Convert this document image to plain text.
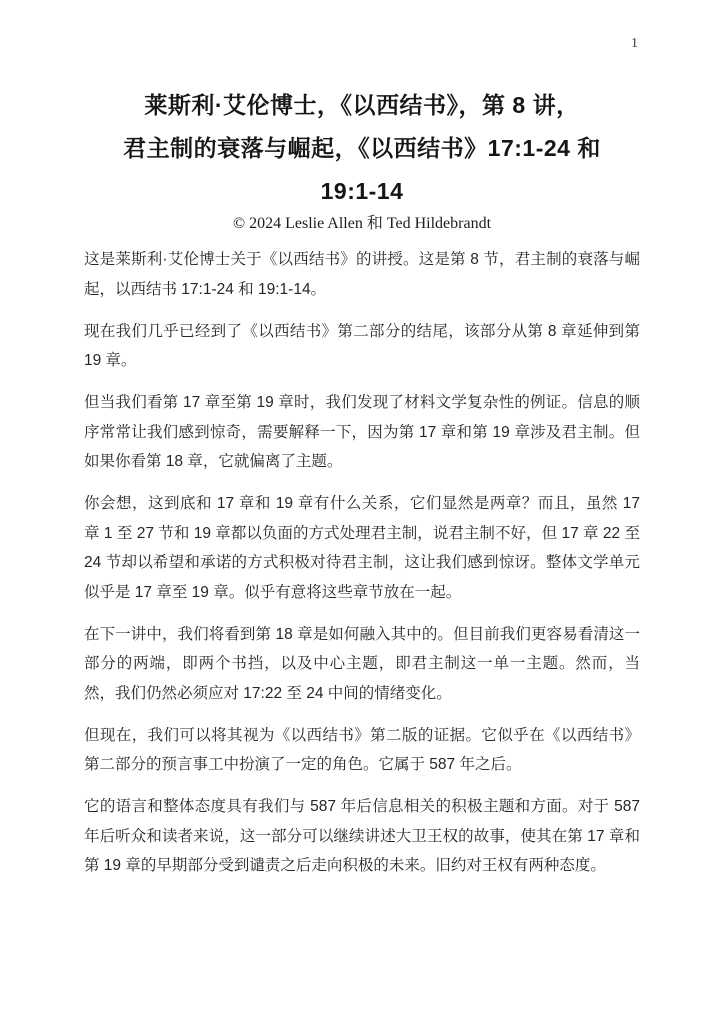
1
莱斯利·艾伦博士，《以西结书》，第 8 讲，
君主制的衰落与崛起，《以西结书》17:1-24 和
19:1-14
© 2024 Leslie Allen 和 Ted Hildebrandt

这是莱斯利·艾伦博士关于《以西结书》的讲授。这是第 8 节，君主制的衰落与崛起，以西结书 17:1-24 和 19:1-14。

现在我们几乎已经到了《以西结书》第二部分的结尾，该部分从第 8 章延伸到第 19 章。

但当我们看第 17 章至第 19 章时，我们发现了材料文学复杂性的例证。信息的顺序常常让我们感到惊奇，需要解释一下，因为第 17 章和第 19 章涉及君主制。但如果你看第 18 章，它就偏离了主题。

你会想，这到底和 17 章和 19 章有什么关系，它们显然是两章？而且，虽然 17 章 1 至 27 节和 19 章都以负面的方式处理君主制，说君主制不好，但 17 章 22 至 24 节却以希望和承诺的方式积极对待君主制，这让我们感到惊讶。整体文学单元似乎是 17 章至 19 章。似乎有意将这些章节放在一起。

在下一讲中，我们将看到第 18 章是如何融入其中的。但目前我们更容易看清这一部分的两端，即两个书挡，以及中心主题，即君主制这一单一主题。然而，当然，我们仍然必须应对 17:22 至 24 中间的情绪变化。

但现在，我们可以将其视为《以西结书》第二版的证据。它似乎在《以西结书》第二部分的预言事工中扮演了一定的角色。它属于 587 年之后。

它的语言和整体态度具有我们与 587 年后信息相关的积极主题和方面。对于 587 年后听众和读者来说，这一部分可以继续讲述大卫王权的故事，使其在第 17 章和第 19 章的早期部分受到谴责之后走向积极的未来。旧约对王权有两种态度。
